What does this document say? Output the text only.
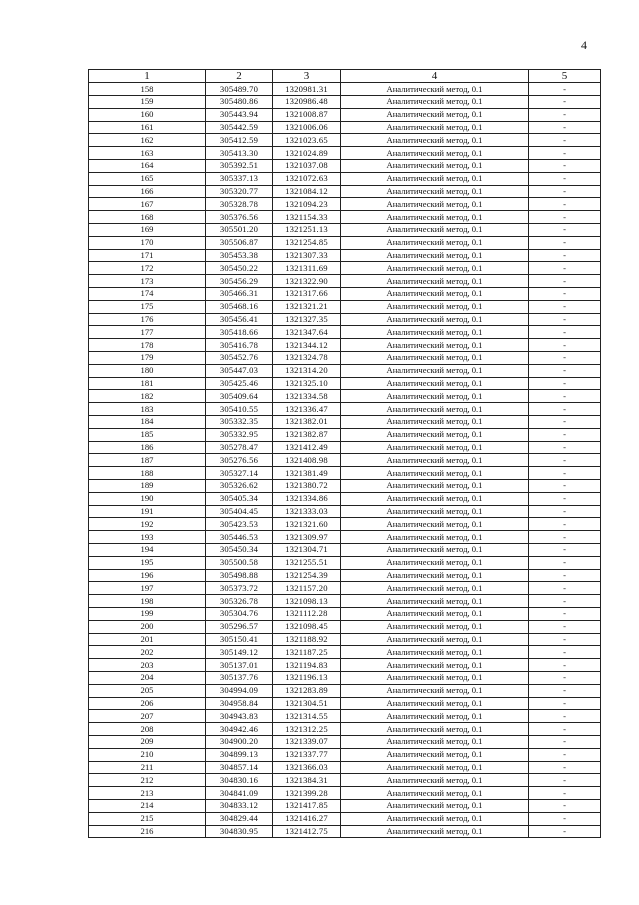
4
1	2	3	4	5
158	305489.70	1320981.31	Аналитический метод, 0.1	-
159	305480.86	1320986.48	Аналитический метод, 0.1	-
160	305443.94	1321008.87	Аналитический метод, 0.1	-
161	305442.59	1321006.06	Аналитический метод, 0.1	-
162	305412.59	1321023.65	Аналитический метод, 0.1	-
163	305413.30	1321024.89	Аналитический метод, 0.1	-
164	305392.51	1321037.08	Аналитический метод, 0.1	-
165	305337.13	1321072.63	Аналитический метод, 0.1	-
166	305320.77	1321084.12	Аналитический метод, 0.1	-
167	305328.78	1321094.23	Аналитический метод, 0.1	-
168	305376.56	1321154.33	Аналитический метод, 0.1	-
169	305501.20	1321251.13	Аналитический метод, 0.1	-
170	305506.87	1321254.85	Аналитический метод, 0.1	-
171	305453.38	1321307.33	Аналитический метод, 0.1	-
172	305450.22	1321311.69	Аналитический метод, 0.1	-
173	305456.29	1321322.90	Аналитический метод, 0.1	-
174	305466.31	1321317.66	Аналитический метод, 0.1	-
175	305468.16	1321321.21	Аналитический метод, 0.1	-
176	305456.41	1321327.35	Аналитический метод, 0.1	-
177	305418.66	1321347.64	Аналитический метод, 0.1	-
178	305416.78	1321344.12	Аналитический метод, 0.1	-
179	305452.76	1321324.78	Аналитический метод, 0.1	-
180	305447.03	1321314.20	Аналитический метод, 0.1	-
181	305425.46	1321325.10	Аналитический метод, 0.1	-
182	305409.64	1321334.58	Аналитический метод, 0.1	-
183	305410.55	1321336.47	Аналитический метод, 0.1	-
184	305332.35	1321382.01	Аналитический метод, 0.1	-
185	305332.95	1321382.87	Аналитический метод, 0.1	-
186	305278.47	1321412.49	Аналитический метод, 0.1	-
187	305276.56	1321408.98	Аналитический метод, 0.1	-
188	305327.14	1321381.49	Аналитический метод, 0.1	-
189	305326.62	1321380.72	Аналитический метод, 0.1	-
190	305405.34	1321334.86	Аналитический метод, 0.1	-
191	305404.45	1321333.03	Аналитический метод, 0.1	-
192	305423.53	1321321.60	Аналитический метод, 0.1	-
193	305446.53	1321309.97	Аналитический метод, 0.1	-
194	305450.34	1321304.71	Аналитический метод, 0.1	-
195	305500.58	1321255.51	Аналитический метод, 0.1	-
196	305498.88	1321254.39	Аналитический метод, 0.1	-
197	305373.72	1321157.20	Аналитический метод, 0.1	-
198	305326.78	1321098.13	Аналитический метод, 0.1	-
199	305304.76	1321112.28	Аналитический метод, 0.1	-
200	305296.57	1321098.45	Аналитический метод, 0.1	-
201	305150.41	1321188.92	Аналитический метод, 0.1	-
202	305149.12	1321187.25	Аналитический метод, 0.1	-
203	305137.01	1321194.83	Аналитический метод, 0.1	-
204	305137.76	1321196.13	Аналитический метод, 0.1	-
205	304994.09	1321283.89	Аналитический метод, 0.1	-
206	304958.84	1321304.51	Аналитический метод, 0.1	-
207	304943.83	1321314.55	Аналитический метод, 0.1	-
208	304942.46	1321312.25	Аналитический метод, 0.1	-
209	304900.20	1321339.07	Аналитический метод, 0.1	-
210	304899.13	1321337.77	Аналитический метод, 0.1	-
211	304857.14	1321366.03	Аналитический метод, 0.1	-
212	304830.16	1321384.31	Аналитический метод, 0.1	-
213	304841.09	1321399.28	Аналитический метод, 0.1	-
214	304833.12	1321417.85	Аналитический метод, 0.1	-
215	304829.44	1321416.27	Аналитический метод, 0.1	-
216	304830.95	1321412.75	Аналитический метод, 0.1	-
